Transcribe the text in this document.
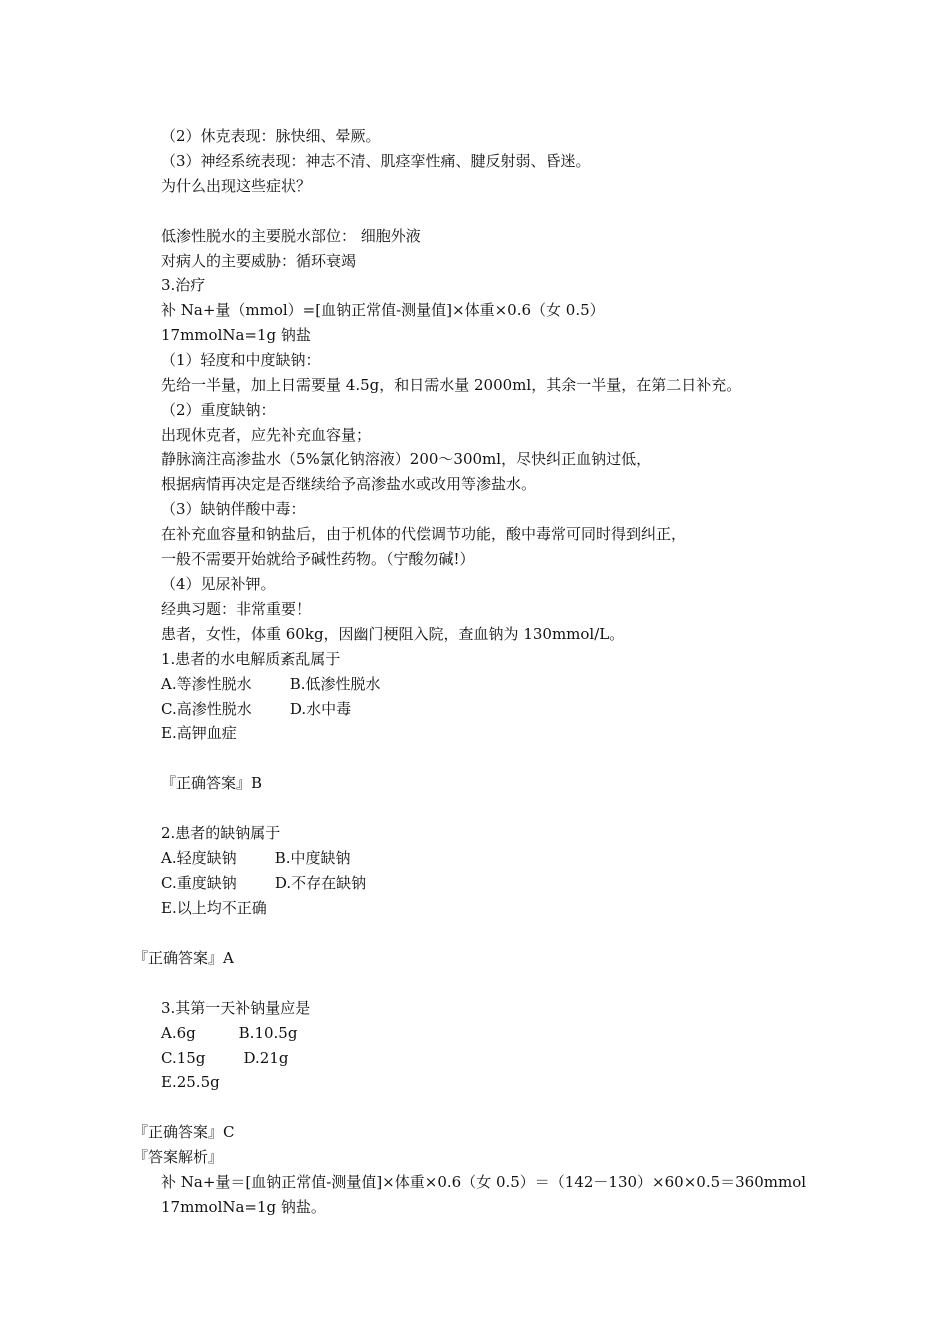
（2）休克表现：脉快细、晕厥。
（3）神经系统表现：神志不清、肌痉挛性痛、腱反射弱、昏迷。
为什么出现这些症状？
低渗性脱水的主要脱水部位： 细胞外液
对病人的主要威胁：循环衰竭
3.治疗
补 Na+量（mmol）=[血钠正常值-测量值]×体重×0.6（女 0.5）
17mmolNa=1g 钠盐
（1）轻度和中度缺钠：
先给一半量，加上日需要量 4.5g，和日需水量 2000ml，其余一半量，在第二日补充。
（2）重度缺钠：
出现休克者，应先补充血容量；
静脉滴注高渗盐水（5%氯化钠溶液）200～300ml，尽快纠正血钠过低，
根据病情再决定是否继续给予高渗盐水或改用等渗盐水。
（3）缺钠伴酸中毒：
在补充血容量和钠盐后，由于机体的代偿调节功能，酸中毒常可同时得到纠正，
一般不需要开始就给予碱性药物。（宁酸勿碱!）
（4）见尿补钾。
经典习题：非常重要！
患者，女性，体重 60kg，因幽门梗阻入院，查血钠为 130mmol/L。
1.患者的水电解质紊乱属于
A.等渗性脱水        B.低渗性脱水
C.高渗性脱水        D.水中毒
E.高钾血症
『正确答案』B
2.患者的缺钠属于
A.轻度缺钠        B.中度缺钠
C.重度缺钠        D.不存在缺钠
E.以上均不正确
『正确答案』A
3.其第一天补钠量应是
A.6g         B.10.5g
C.15g        D.21g
E.25.5g
『正确答案』C
『答案解析』
补 Na+量＝[血钠正常值-测量值]×体重×0.6（女 0.5）＝（142－130）×60×0.5＝360mmol
17mmolNa=1g 钠盐。
